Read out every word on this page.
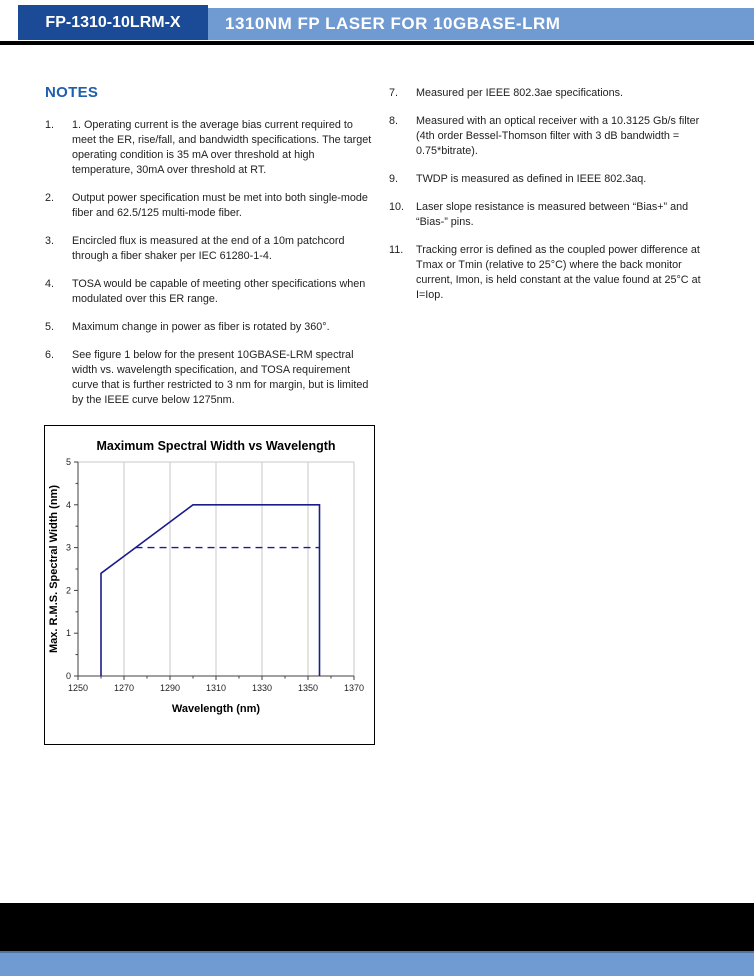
1310NM FP LASER FOR 10GBASE-LRM
FP-1310-10LRM-X
NOTES
1. 1. Operating current is the average bias current required to meet the ER, rise/fall, and bandwidth specifications. The target operating condition is 35 mA over threshold at high temperature, 30mA over threshold at RT.
2. Output power specification must be met into both single-mode fiber and 62.5/125 multi-mode fiber.
3. Encircled flux is measured at the end of a 10m patchcord through a fiber shaker per IEC 61280-1-4.
4. TOSA would be capable of meeting other specifications when modulated over this ER range.
5. Maximum change in power as fiber is rotated by 360°.
6. See figure 1 below for the present 10GBASE-LRM spectral width vs. wavelength specification, and TOSA requirement curve that is further restricted to 3 nm for margin, but is limited by the IEEE curve below 1275nm.
7. Measured per IEEE 802.3ae specifications.
8. Measured with an optical receiver with a 10.3125 Gb/s filter (4th order Bessel-Thomson filter with 3 dB bandwidth = 0.75*bitrate).
9. TWDP is measured as defined in IEEE 802.3aq.
10. Laser slope resistance is measured between “Bias+” and “Bias-” pins.
11. Tracking error is defined as the coupled power difference at Tmax or Tmin (relative to 25°C) where the back monitor current, Imon, is held constant at the value found at 25°C at I=Iop.
1250	1270	1290	1310	1330	1350	1370
0
1
2
3
4
5
Maximum Spectral Width vs Wavelength
Wavelength (nm)
Max. R.M.S. Spectral Width (nm)
